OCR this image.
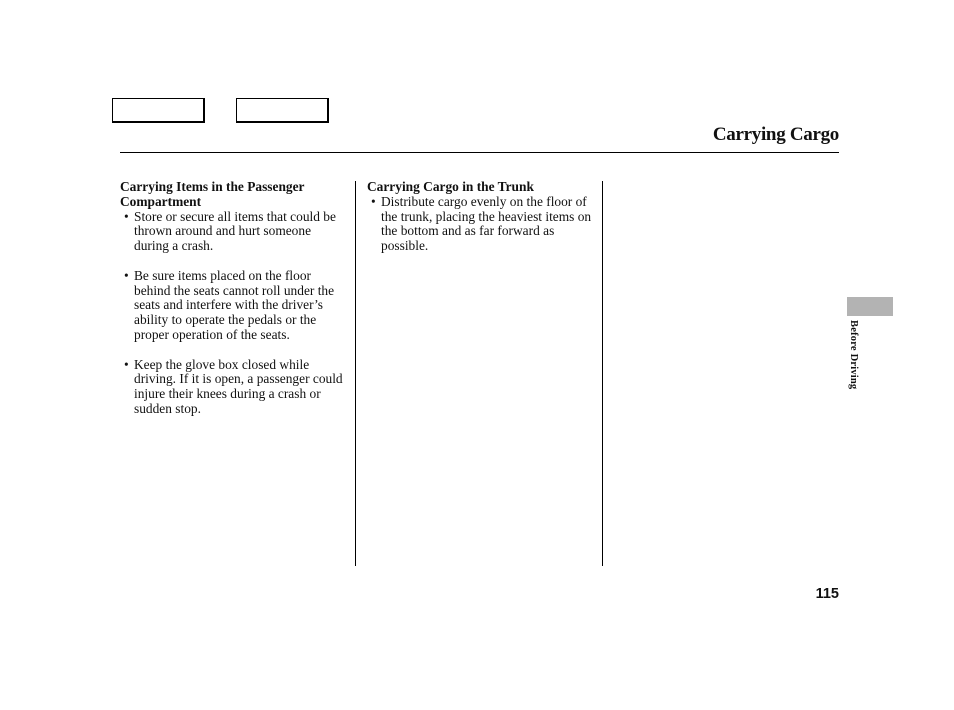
Carrying Cargo

Carrying Items in the Passenger Compartment

• Store or secure all items that could be thrown around and hurt someone during a crash.
• Be sure items placed on the floor behind the seats cannot roll under the seats and interfere with the driver’s ability to operate the pedals or the proper operation of the seats.
• Keep the glove box closed while driving. If it is open, a passenger could injure their knees during a crash or sudden stop.

Carrying Cargo in the Trunk

• Distribute cargo evenly on the floor of the trunk, placing the heaviest items on the bottom and as far forward as possible.
Before Driving
115
